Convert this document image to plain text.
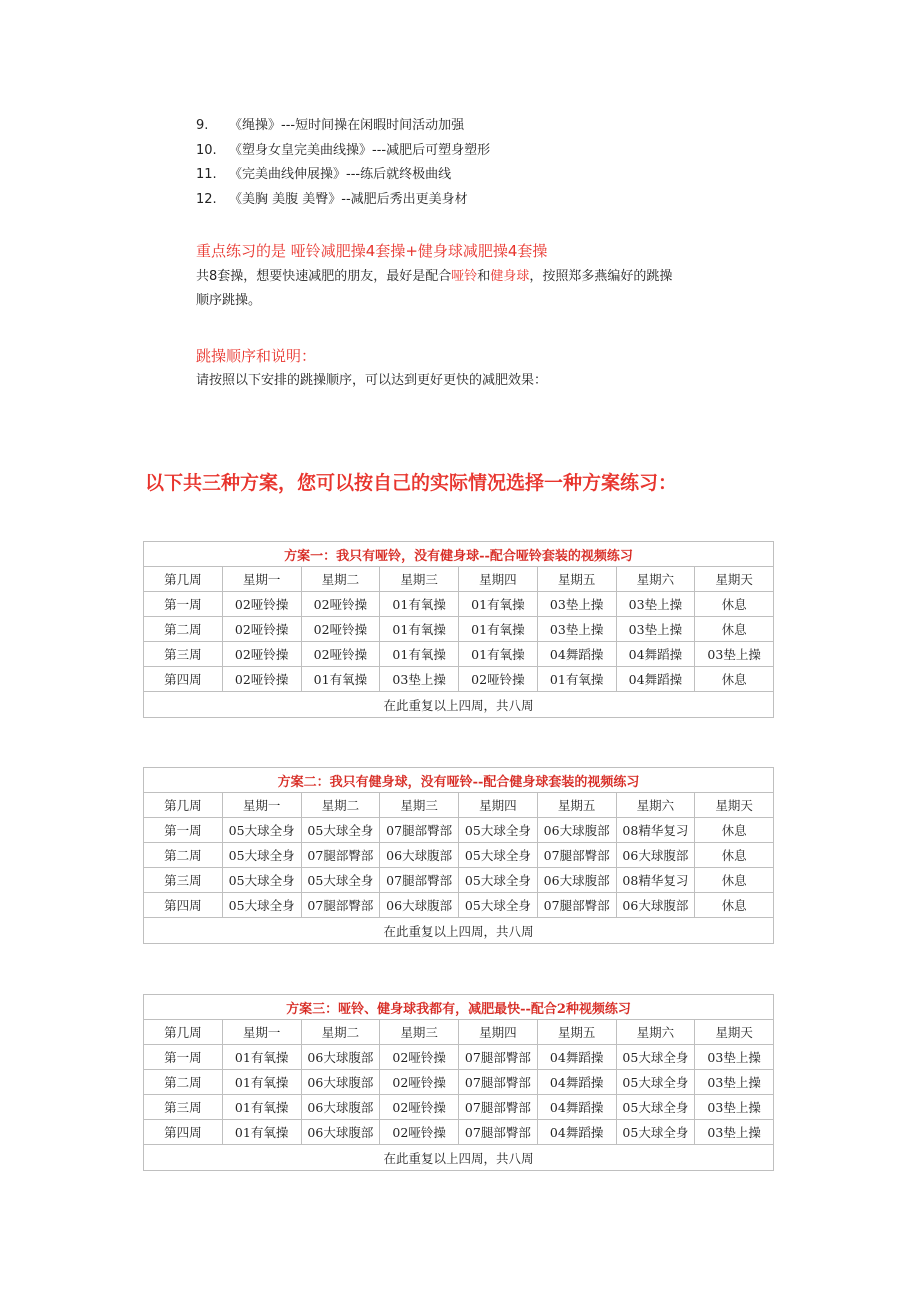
9. 《绳操》---短时间操在闲暇时间活动加强
10. 《塑身女皇完美曲线操》---减肥后可塑身塑形
11. 《完美曲线伸展操》---练后就终极曲线
12. 《美胸 美腹 美臀》--减肥后秀出更美身材
重点练习的是 哑铃减肥操4套操+健身球减肥操4套操
共8套操，想要快速减肥的朋友，最好是配合哑铃和健身球，按照郑多燕编好的跳操
顺序跳操。
跳操顺序和说明：
请按照以下安排的跳操顺序，可以达到更好更快的减肥效果：
以下共三种方案，您可以按自己的实际情况选择一种方案练习：
方案一：我只有哑铃，没有健身球--配合哑铃套装的视频练习							
第几周	星期一	星期二	星期三	星期四	星期五	星期六	星期天
第一周	02哑铃操	02哑铃操	01有氧操	01有氧操	03垫上操	03垫上操	休息
第二周	02哑铃操	02哑铃操	01有氧操	01有氧操	03垫上操	03垫上操	休息
第三周	02哑铃操	02哑铃操	01有氧操	01有氧操	04舞蹈操	04舞蹈操	03垫上操
第四周	02哑铃操	01有氧操	03垫上操	02哑铃操	01有氧操	04舞蹈操	休息
在此重复以上四周，共八周							
方案二：我只有健身球，没有哑铃--配合健身球套装的视频练习							
第几周	星期一	星期二	星期三	星期四	星期五	星期六	星期天
第一周	05大球全身	05大球全身	07腿部臀部	05大球全身	06大球腹部	08精华复习	休息
第二周	05大球全身	07腿部臀部	06大球腹部	05大球全身	07腿部臀部	06大球腹部	休息
第三周	05大球全身	05大球全身	07腿部臀部	05大球全身	06大球腹部	08精华复习	休息
第四周	05大球全身	07腿部臀部	06大球腹部	05大球全身	07腿部臀部	06大球腹部	休息
在此重复以上四周，共八周							
方案三：哑铃、健身球我都有，减肥最快--配合2种视频练习							
第几周	星期一	星期二	星期三	星期四	星期五	星期六	星期天
第一周	01有氧操	06大球腹部	02哑铃操	07腿部臀部	04舞蹈操	05大球全身	03垫上操
第二周	01有氧操	06大球腹部	02哑铃操	07腿部臀部	04舞蹈操	05大球全身	03垫上操
第三周	01有氧操	06大球腹部	02哑铃操	07腿部臀部	04舞蹈操	05大球全身	03垫上操
第四周	01有氧操	06大球腹部	02哑铃操	07腿部臀部	04舞蹈操	05大球全身	03垫上操
在此重复以上四周，共八周							
